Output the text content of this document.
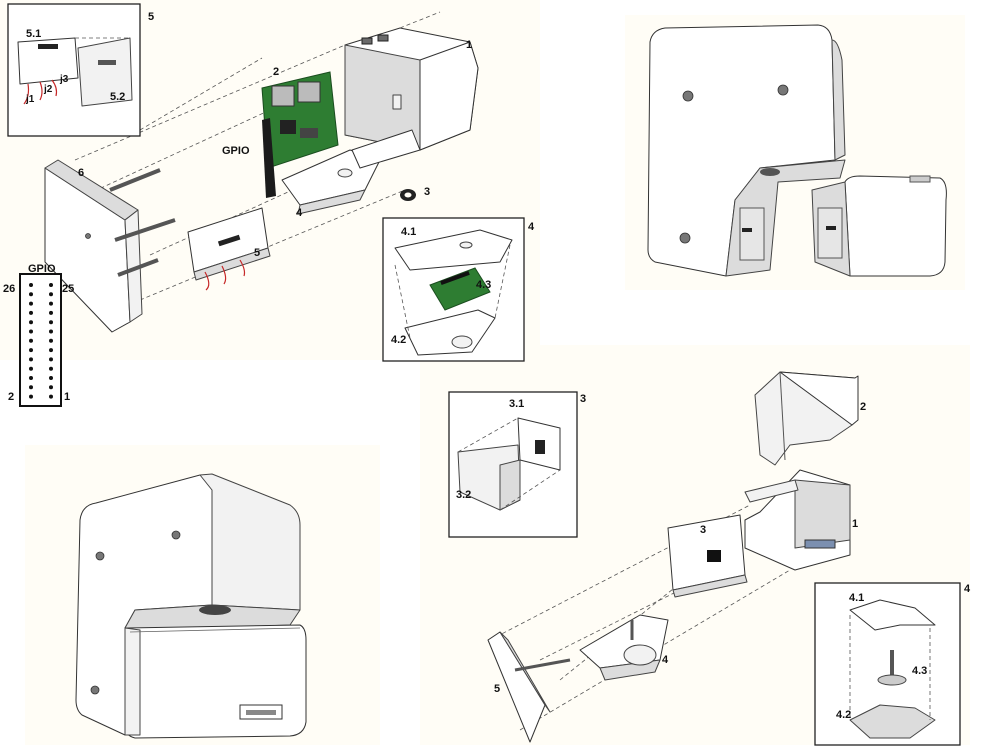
1
2
3
4
5
6
GPIO
5
5.1
5.2
j1
j2
j3
4
4.1
4.3
4.2
GPIO
26	25
2	1
1
2
3
4
5
3
3.1
3.2
4
4.1
4.3
4.2
